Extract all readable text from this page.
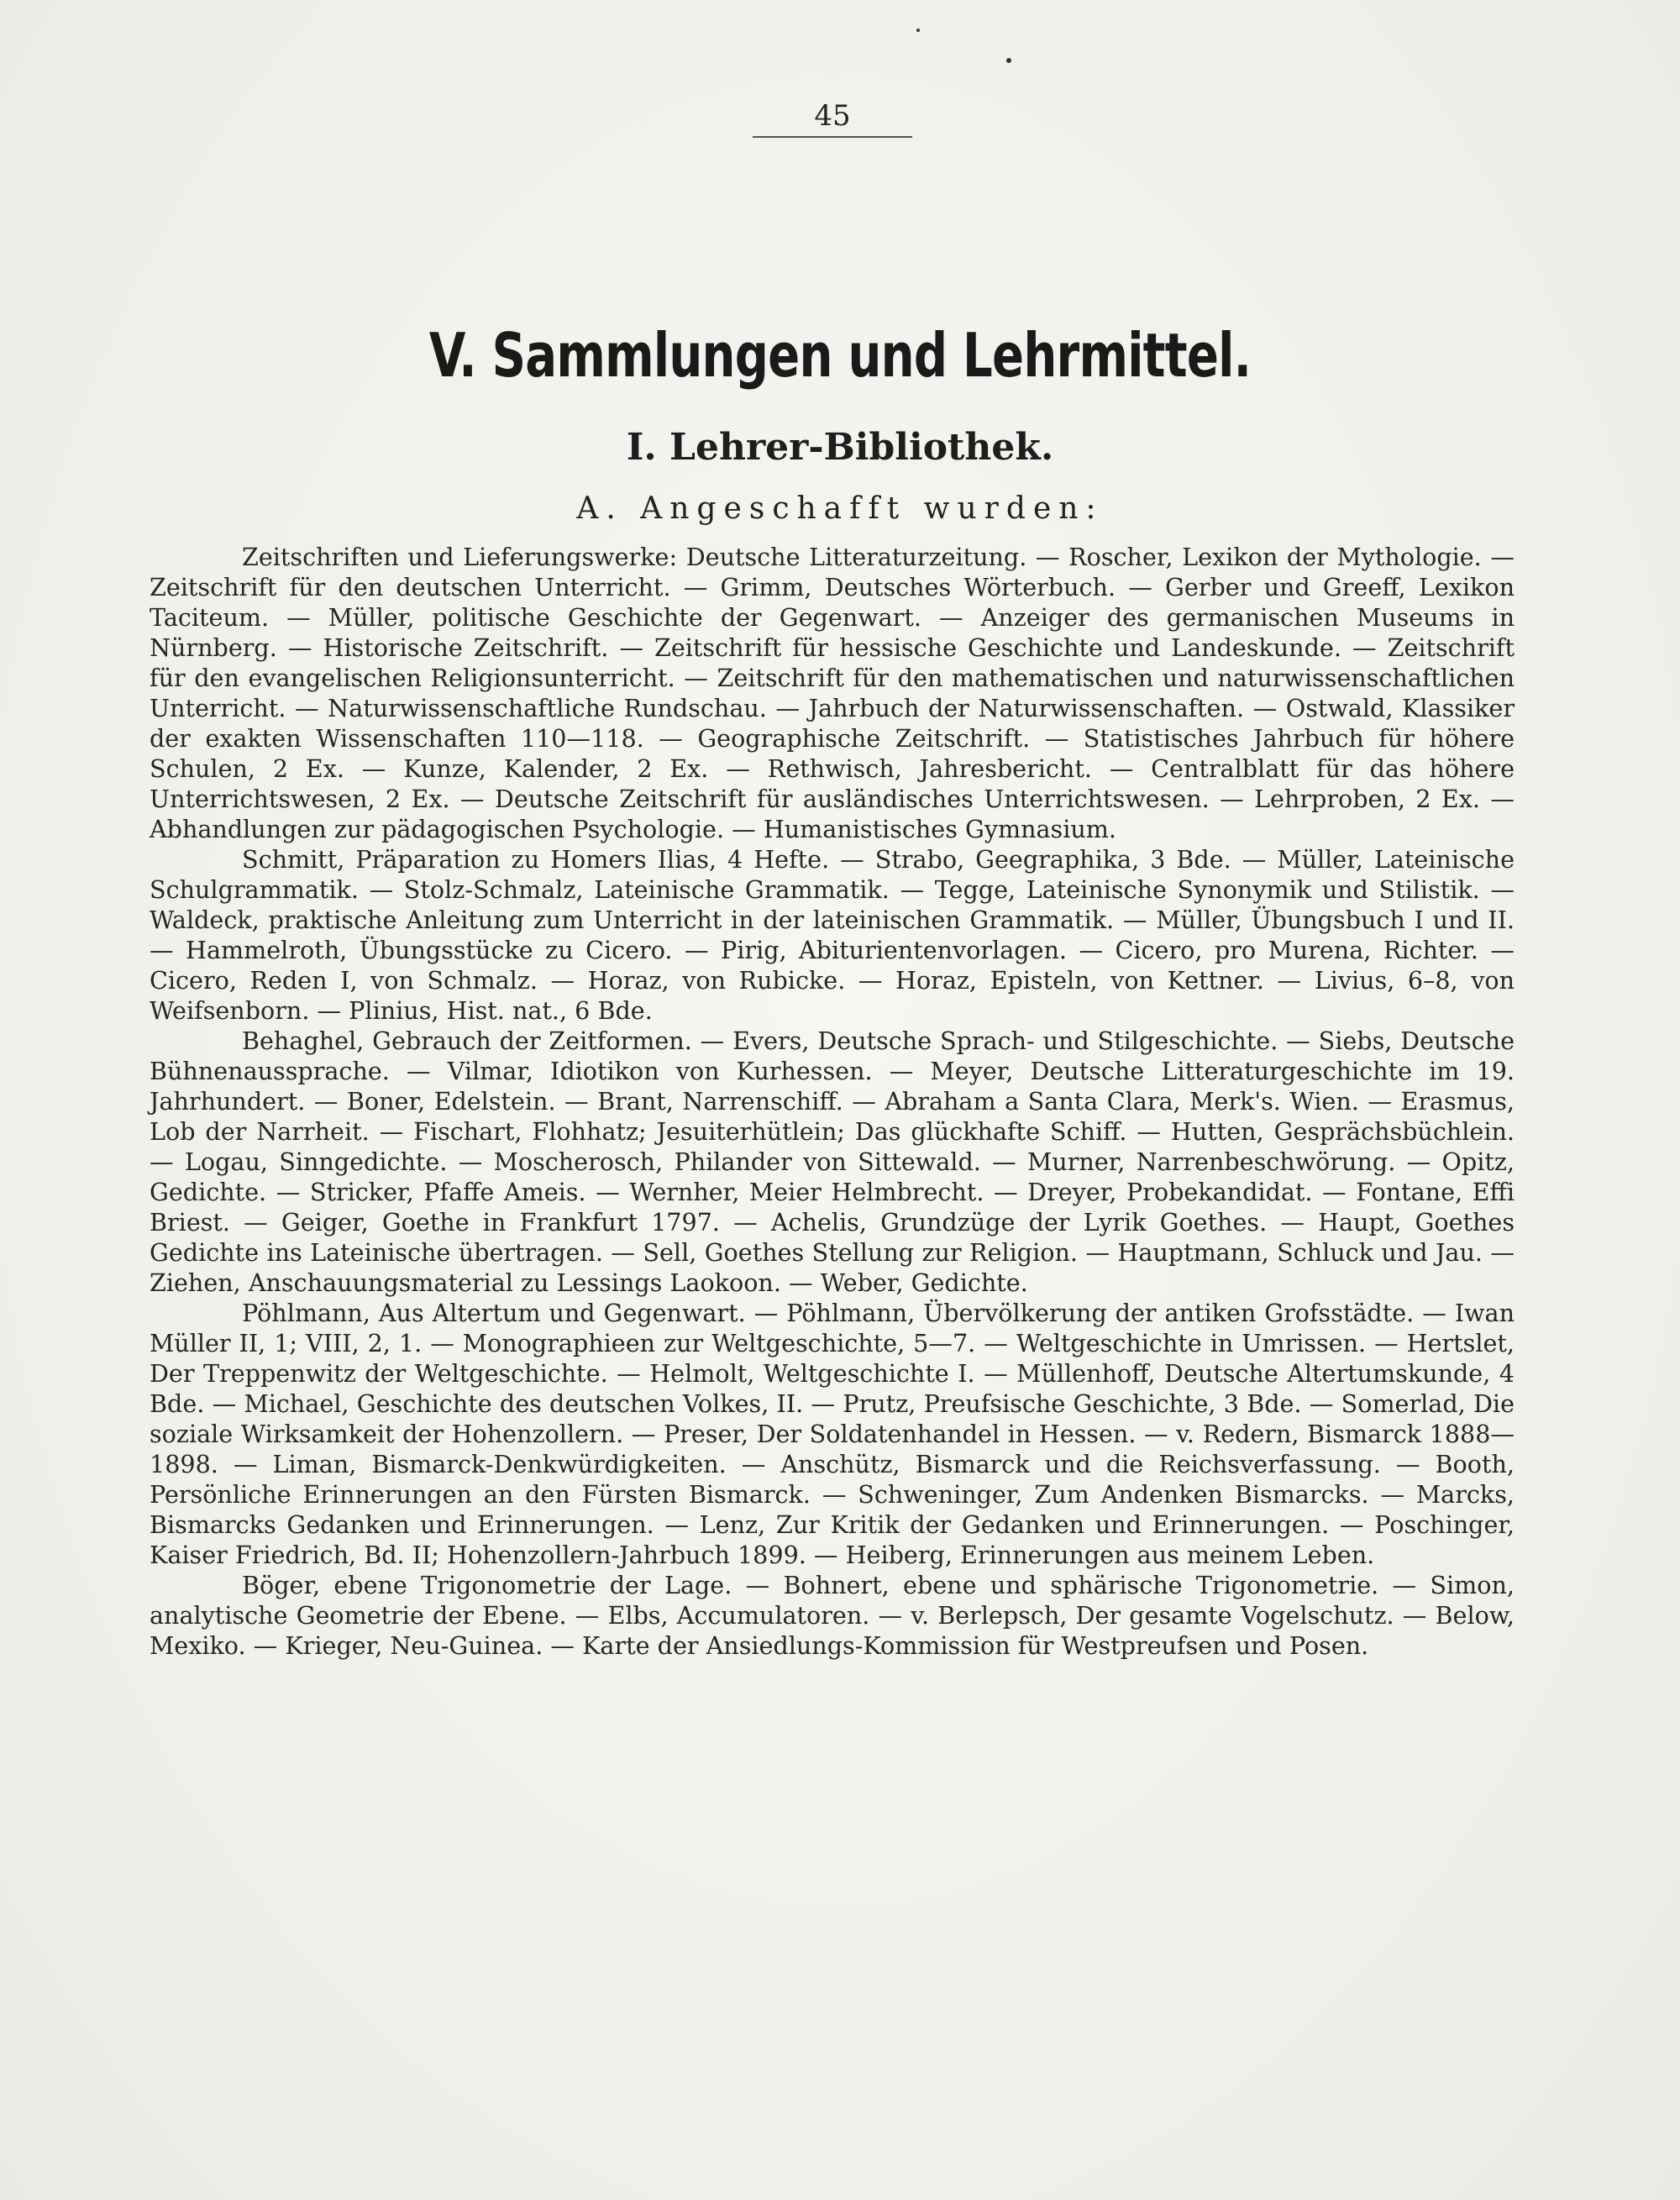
45
V. Sammlungen und Lehrmittel.
I. Lehrer-Bibliothek.
A. Angeschafft wurden:

Zeitschriften und Lieferungswerke: Deutsche Litteraturzeitung. — Roscher, Lexikon der Mythologie. — Zeitschrift für den deutschen Unterricht. — Grimm, Deutsches Wörterbuch. — Gerber und Greeff, Lexikon Taciteum. — Müller, politische Geschichte der Gegenwart. — Anzeiger des germanischen Museums in Nürnberg. — Historische Zeitschrift. — Zeitschrift für hessische Geschichte und Landeskunde. — Zeitschrift für den evangelischen Religionsunterricht. — Zeitschrift für den mathematischen und naturwissenschaftlichen Unterricht. — Naturwissenschaftliche Rundschau. — Jahrbuch der Naturwissenschaften. — Ostwald, Klassiker der exakten Wissenschaften 110—118. — Geographische Zeitschrift. — Statistisches Jahrbuch für höhere Schulen, 2 Ex. — Kunze, Kalender, 2 Ex. — Rethwisch, Jahresbericht. — Centralblatt für das höhere Unterrichtswesen, 2 Ex. — Deutsche Zeitschrift für ausländisches Unterrichtswesen. — Lehrproben, 2 Ex. — Abhandlungen zur pädagogischen Psychologie. — Humanistisches Gymnasium.

Schmitt, Präparation zu Homers Ilias, 4 Hefte. — Strabo, Geegraphika, 3 Bde. — Müller, Lateinische Schulgrammatik. — Stolz-Schmalz, Lateinische Grammatik. — Tegge, Lateinische Synonymik und Stilistik. — Waldeck, praktische Anleitung zum Unterricht in der lateinischen Grammatik. — Müller, Übungsbuch I und II. — Hammelroth, Übungsstücke zu Cicero. — Pirig, Abiturientenvorlagen. — Cicero, pro Murena, Richter. — Cicero, Reden I, von Schmalz. — Horaz, von Rubicke. — Horaz, Episteln, von Kettner. — Livius, 6–8, von Weifsenborn. — Plinius, Hist. nat., 6 Bde.

Behaghel, Gebrauch der Zeitformen. — Evers, Deutsche Sprach- und Stilgeschichte. — Siebs, Deutsche Bühnenaussprache. — Vilmar, Idiotikon von Kurhessen. — Meyer, Deutsche Litteraturgeschichte im 19. Jahrhundert. — Boner, Edelstein. — Brant, Narrenschiff. — Abraham a Santa Clara, Merk's. Wien. — Erasmus, Lob der Narrheit. — Fischart, Flohhatz; Jesuiterhütlein; Das glückhafte Schiff. — Hutten, Gesprächsbüchlein. — Logau, Sinngedichte. — Moscherosch, Philander von Sittewald. — Murner, Narrenbeschwörung. — Opitz, Gedichte. — Stricker, Pfaffe Ameis. — Wernher, Meier Helmbrecht. — Dreyer, Probekandidat. — Fontane, Effi Briest. — Geiger, Goethe in Frankfurt 1797. — Achelis, Grundzüge der Lyrik Goethes. — Haupt, Goethes Gedichte ins Lateinische übertragen. — Sell, Goethes Stellung zur Religion. — Hauptmann, Schluck und Jau. — Ziehen, Anschauungsmaterial zu Lessings Laokoon. — Weber, Gedichte.

Pöhlmann, Aus Altertum und Gegenwart. — Pöhlmann, Übervölkerung der antiken Grofsstädte. — Iwan Müller II, 1; VIII, 2, 1. — Monographieen zur Weltgeschichte, 5—7. — Weltgeschichte in Umrissen. — Hertslet, Der Treppenwitz der Weltgeschichte. — Helmolt, Weltgeschichte I. — Müllenhoff, Deutsche Altertumskunde, 4 Bde. — Michael, Geschichte des deutschen Volkes, II. — Prutz, Preufsische Geschichte, 3 Bde. — Somerlad, Die soziale Wirksamkeit der Hohenzollern. — Preser, Der Soldatenhandel in Hessen. — v. Redern, Bismarck 1888—1898. — Liman, Bismarck-Denkwürdigkeiten. — Anschütz, Bismarck und die Reichsverfassung. — Booth, Persönliche Erinnerungen an den Fürsten Bismarck. — Schweninger, Zum Andenken Bismarcks. — Marcks, Bismarcks Gedanken und Erinnerungen. — Lenz, Zur Kritik der Gedanken und Erinnerungen. — Poschinger, Kaiser Friedrich, Bd. II; Hohenzollern-Jahrbuch 1899. — Heiberg, Erinnerungen aus meinem Leben.

Böger, ebene Trigonometrie der Lage. — Bohnert, ebene und sphärische Trigonometrie. — Simon, analytische Geometrie der Ebene. — Elbs, Accumulatoren. — v. Berlepsch, Der gesamte Vogelschutz. — Below, Mexiko. — Krieger, Neu-Guinea. — Karte der Ansiedlungs-Kommission für Westpreufsen und Posen.
